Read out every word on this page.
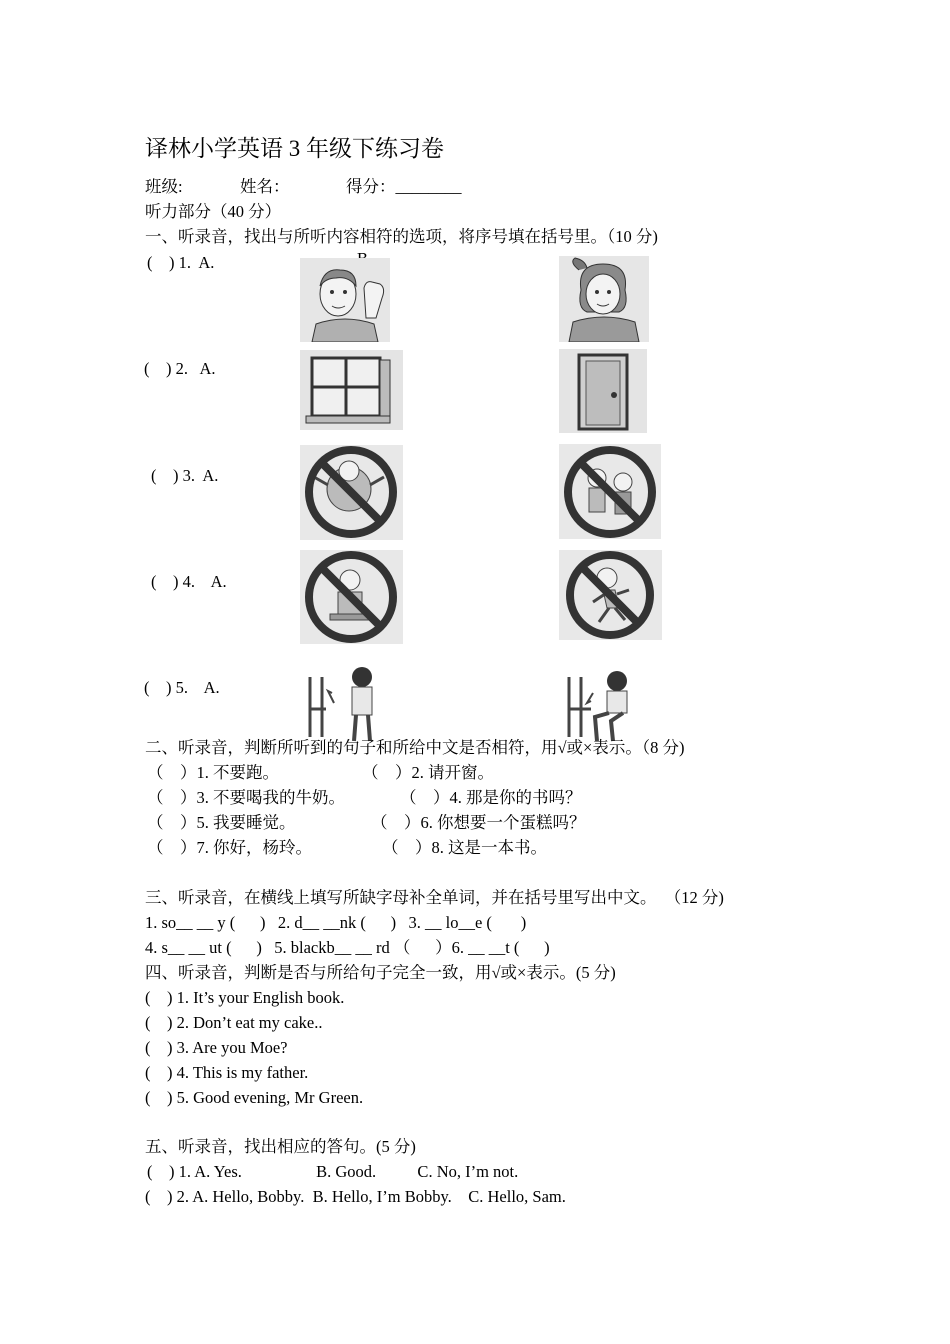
译林小学英语 3 年级下练习卷
班级:	姓名：	得分：________
听力部分（40 分）
一、听录音，找出与所听内容相符的选项，将序号填在括号里。（10 分)
(    ) 1.  A.
(    ) 2.   A.
(    ) 3.  A.
(    ) 4.    A.
(    ) 5.    A.
二、听录音，判断所听到的句子和所给中文是否相符，用√或×表示。（8 分)
（    ）1. 不要跑。	（    ）2. 请开窗。
（    ）3. 不要喝我的牛奶。	（    ）4. 那是你的书吗？
（    ）5. 我要睡觉。	（    ）6. 你想要一个蛋糕吗？
（    ）7. 你好，杨玲。	（    ）8. 这是一本书。
三、听录音，在横线上填写所缺字母补全单词，并在括号里写出中文。  （12 分)
1. so__ __ y (      )   2. d__ __nk (      )   3. __ lo__e (       )
4. s__ __ ut (      )   5. blackb__ __ rd （      ）6. __ __t (      )
四、听录音，判断是否与所给句子完全一致，用√或×表示。(5 分)
(    ) 1. It’s your English book.
(    ) 2. Don’t eat my cake..
(    ) 3. Are you Moe?
(    ) 4. This is my father.
(    ) 5. Good evening, Mr Green.
五、听录音，找出相应的答句。(5 分)
(    ) 1. A. Yes.                  B. Good.          C. No, I’m not.
(    ) 2. A. Hello, Bobby.  B. Hello, I’m Bobby.    C. Hello, Sam.
